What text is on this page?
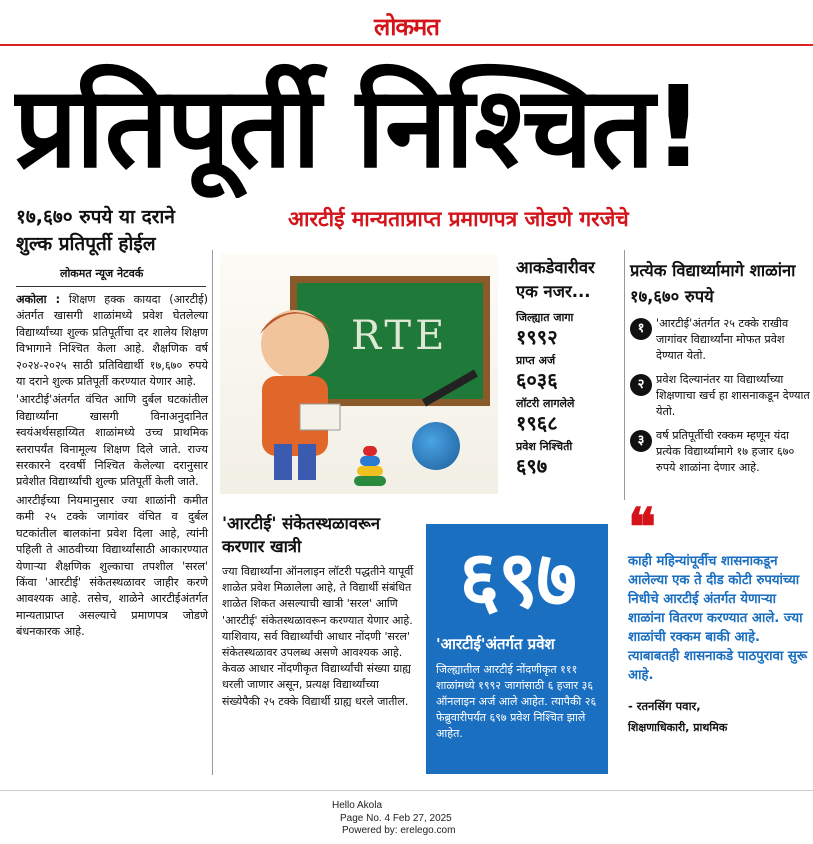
लोकमत
प्रतिपूर्ती निश्चित!
१७,६७० रुपये या दराने शुल्क प्रतिपूर्ती होईल
आरटीई मान्यताप्राप्त प्रमाणपत्र जोडणे गरजेचे
लोकमत न्यूज नेटवर्क

अकोला : शिक्षण हक्क कायदा (आरटीई) अंतर्गत खासगी शाळांमध्ये प्रवेश घेतलेल्या विद्यार्थ्यांच्या शुल्क प्रतिपूर्तीचा दर शालेय शिक्षण विभागाने निश्चित केला आहे. शैक्षणिक वर्ष २०२४-२०२५ साठी प्रतिविद्यार्थी १७,६७० रुपये या दराने शुल्क प्रतिपूर्ती करण्यात येणार आहे.

'आरटीई'अंतर्गत वंचित आणि दुर्बल घटकांतील विद्यार्थ्यांना खासगी विनाअनुदानित स्वयंअर्थसहाय्यित शाळांमध्ये उच्च प्राथमिक स्तरापर्यंत विनामूल्य शिक्षण दिले जाते. राज्य सरकारने दरवर्षी निश्चित केलेल्या दरानुसार प्रवेशीत विद्यार्थ्यांची शुल्क प्रतिपूर्ती केली जाते.

आरटीईच्या नियमानुसार ज्या शाळांनी कमीत कमी २५ टक्के जागांवर वंचित व दुर्बल घटकांतील बालकांना प्रवेश दिला आहे, त्यांनी पहिली ते आठवीच्या विद्यार्थ्यांसाठी आकारण्यात येणाऱ्या शैक्षणिक शुल्काचा तपशील 'सरल' किंवा 'आरटीई' संकेतस्थळावर जाहीर करणे आवश्यक आहे. तसेच, शाळेने आरटीईअंतर्गत मान्यताप्राप्त असल्याचे प्रमाणपत्र जोडणे बंधनकारक आहे.

RTE
आकडेवारीवर एक नजर...
जिल्ह्यात जागा
१९९२
प्राप्त अर्ज
६०३६
लॉटरी लागलेले
१९६८
प्रवेश निश्चिती
६९७
प्रत्येक विद्यार्थ्यामागे शाळांना १७,६७० रुपये
१	'आरटीई'अंतर्गत २५ टक्के राखीव जागांवर विद्यार्थ्यांना मोफत प्रवेश देण्यात येतो.
२	प्रवेश दिल्यानंतर या विद्यार्थ्यांच्या शिक्षणाचा खर्च हा शासनाकडून देण्यात येतो.
३	वर्ष प्रतिपूर्तीची रक्कम म्हणून यंदा प्रत्येक विद्यार्थ्यामागे १७ हजार ६७० रुपये शाळांना देणार आहे.
'आरटीई' संकेतस्थळावरून करणार खात्री
ज्या विद्यार्थ्यांना ऑनलाइन लॉटरी पद्धतीने यापूर्वी शाळेत प्रवेश मिळालेला आहे, ते विद्यार्थी संबंधित शाळेत शिकत असल्याची खात्री 'सरल' आणि 'आरटीई' संकेतस्थळावरून करण्यात येणार आहे. याशिवाय, सर्व विद्यार्थ्यांची आधार नोंदणी 'सरल' संकेतस्थळावर उपलब्ध असणे आवश्यक आहे. केवळ आधार नोंदणीकृत विद्यार्थ्यांची संख्या ग्राह्य धरली जाणार असून, प्रत्यक्ष विद्यार्थ्यांच्या संख्येपैकी २५ टक्के विद्यार्थी ग्राह्य धरले जातील.
६९७
'आरटीई'अंतर्गत प्रवेश
जिल्ह्यातील आरटीई नोंदणीकृत १११ शाळांमध्ये १९९२ जागांसाठी ६ हजार ३६ ऑनलाइन अर्ज आले आहेत. त्यापैकी २६ फेब्रुवारीपर्यंत ६९७ प्रवेश निश्चित झाले आहेत.
❝
काही महिन्यांपूर्वीच शासनाकडून आलेल्या एक ते दीड कोटी रुपयांच्या निधीचे आरटीई अंतर्गत येणाऱ्या शाळांना वितरण करण्यात आले. ज्या शाळांची रक्कम बाकी आहे. त्याबाबतही शासनाकडे पाठपुरावा सुरू आहे.
- रतनसिंग पवार,
शिक्षणाधिकारी, प्राथमिक
Hello Akola
Page No. 4 Feb 27, 2025
Powered by: erelego.com
